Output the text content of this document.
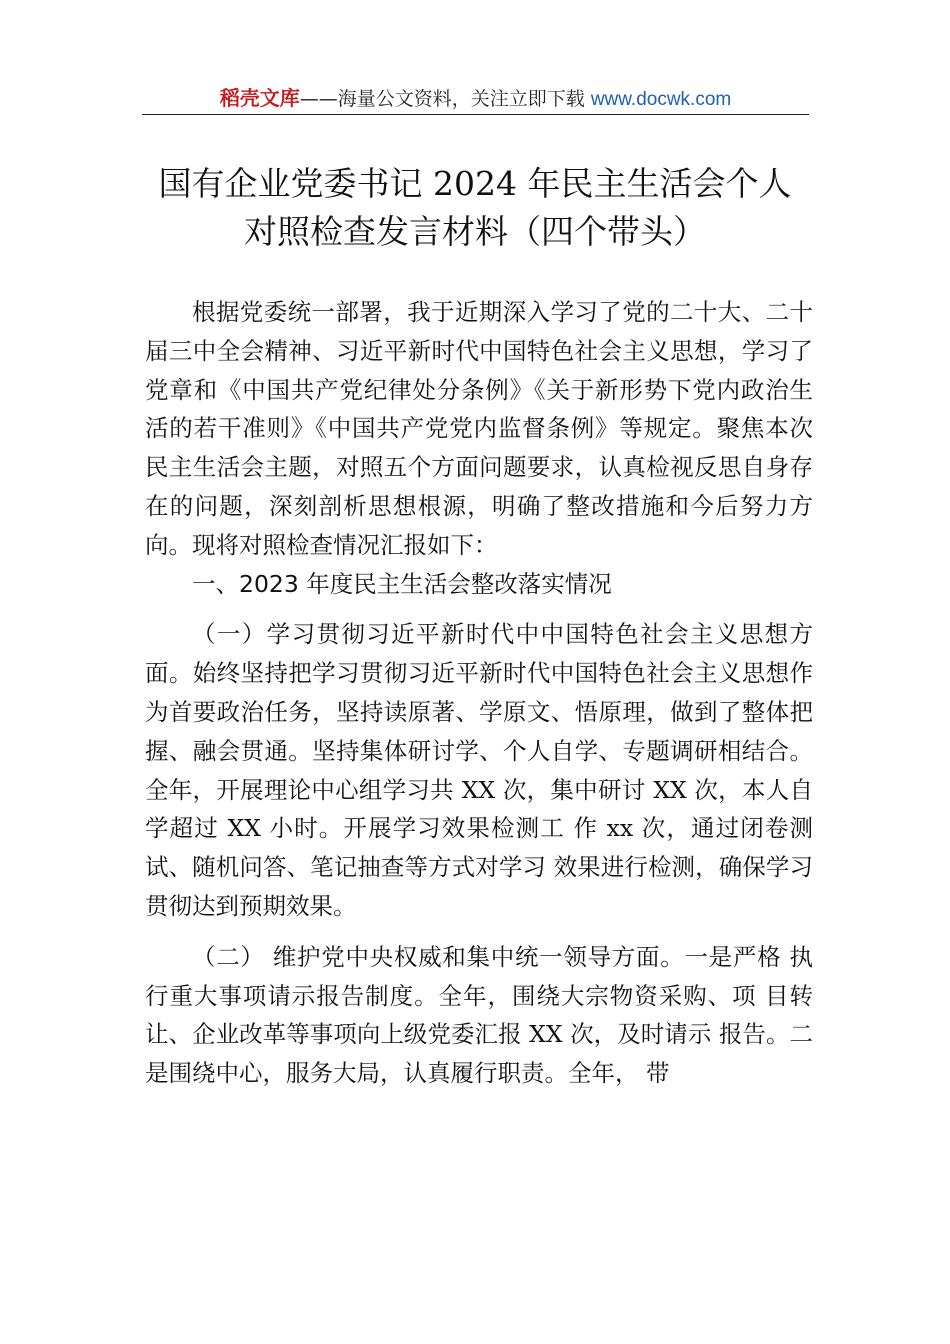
稻壳文库——海量公文资料，关注立即下载 www.docwk.com
国有企业党委书记 2024 年民主生活会个人
对照检查发言材料（四个带头）

根据党委统一部署，我于近期深入学习了党的二十大、二十届三中全会精神、习近平新时代中国特色社会主义思想，学习了党章和《中国共产党纪律处分条例》《关于新形势下党内政治生活的若干准则》《中国共产党党内监督条例》等规定。聚焦本次民主生活会主题，对照五个方面问题要求，认真检视反思自身存在的问题，深刻剖析思想根源，明确了整改措施和今后努力方向。现将对照检查情况汇报如下：

一、2023 年度民主生活会整改落实情况

（一）学习贯彻习近平新时代中中国特色社会主义思想方面。始终坚持把学习贯彻习近平新时代中国特色社会主义思想作为首要政治任务，坚持读原著、学原文、悟原理，做到了整体把握、融会贯通。坚持集体研讨学、个人自学、专题调研相结合。全年，开展理论中心组学习共 XX 次，集中研讨 XX 次，本人自学超过 XX 小时。开展学习效果检测工 作 xx 次，通过闭卷测试、随机问答、笔记抽查等方式对学习 效果进行检测，确保学习贯彻达到预期效果。

（二） 维护党中央权威和集中统一领导方面。一是严格 执行重大事项请示报告制度。全年，围绕大宗物资采购、项 目转让、企业改革等事项向上级党委汇报 XX 次，及时请示 报告。二是围绕中心，服务大局，认真履行职责。全年， 带
